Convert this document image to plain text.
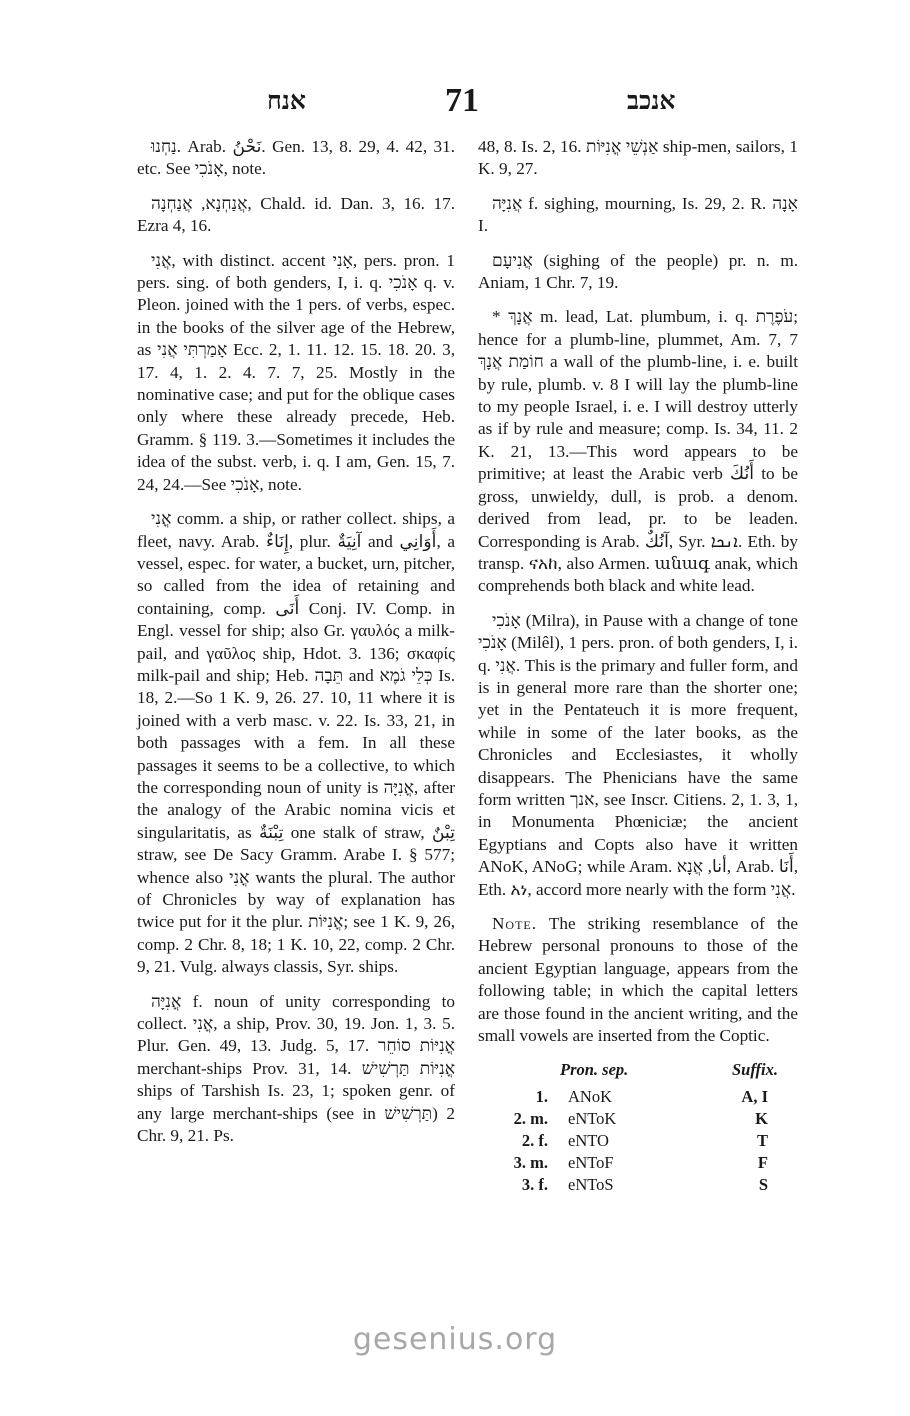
אנח	71	אנכב

נַחְנוּ. Arab. نَحْنُ. Gen. 13, 8. 29, 4. 42, 31. etc. See אָנֹכִי, note.

אֲנַחְנָא, אֲנַחְנָה, Chald. id. Dan. 3, 16. 17. Ezra 4, 16.

אֲנִי, with distinct. accent אָנִי, pers. pron. 1 pers. sing. of both genders, I, i. q. אָנֹכִי q. v. Pleon. joined with the 1 pers. of verbs, espec. in the books of the silver age of the Hebrew, as אָמַרְתִּי אֲנִי Ecc. 2, 1. 11. 12. 15. 18. 20. 3, 17. 4, 1. 2. 4. 7. 7, 25. Mostly in the nominative case; and put for the oblique cases only where these already precede, Heb. Gramm. § 119. 3.—Sometimes it includes the idea of the subst. verb, i. q. I am, Gen. 15, 7. 24, 24.—See אָנֹכִי, note.

אֳנִי comm. a ship, or rather collect. ships, a fleet, navy. Arab. إِنَاءٌ, plur. آنِيَةٌ and أَوَانِي, a vessel, espec. for water, a bucket, urn, pitcher, so called from the idea of retaining and containing, comp. أَنَى Conj. IV. Comp. in Engl. vessel for ship; also Gr. γαυλός a milk-pail, and γαῦλος ship, Hdot. 3. 136; σκαφίς milk-pail and ship; Heb. תֵּבָה and כְּלֵי גֹמֶא Is. 18, 2.—So 1 K. 9, 26. 27. 10, 11 where it is joined with a verb masc. v. 22. Is. 33, 21, in both passages with a fem. In all these passages it seems to be a collective, to which the corresponding noun of unity is אֳנִיָּה, after the analogy of the Arabic nomina vicis et singularitatis, as تِبْنَةٌ one stalk of straw, تِبْنٌ straw, see De Sacy Gramm. Arabe I. § 577; whence also אֳנִי wants the plural. The author of Chronicles by way of explanation has twice put for it the plur. אֳנִיּוֹת; see 1 K. 9, 26, comp. 2 Chr. 8, 18; 1 K. 10, 22, comp. 2 Chr. 9, 21. Vulg. always classis, Syr. ships.

אֳנִיָּה f. noun of unity corresponding to collect. אֳנִי, a ship, Prov. 30, 19. Jon. 1, 3. 5. Plur. Gen. 49, 13. Judg. 5, 17. אֳנִיּוֹת סוֹחֵר merchant-ships Prov. 31, 14. אֳנִיּוֹת תַּרְשִׁישׁ ships of Tarshish Is. 23, 1; spoken genr. of any large merchant-ships (see in תַּרְשִׁישׁ) 2 Chr. 9, 21. Ps.

48, 8. Is. 2, 16. אַנְשֵׁי אֳנִיּוֹת ship-men, sailors, 1 K. 9, 27.

אֲנִיָּה f. sighing, mourning, Is. 29, 2. R. אָנָה I.

אֲנִיעָם (sighing of the people) pr. n. m. Aniam, 1 Chr. 7, 19.

* אֲנָךְ m. lead, Lat. plumbum, i. q. עֹפֶרֶת; hence for a plumb-line, plummet, Am. 7, 7 חוֹמַת אֲנָךְ a wall of the plumb-line, i. e. built by rule, plumb. v. 8 I will lay the plumb-line to my people Israel, i. e. I will destroy utterly as if by rule and measure; comp. Is. 34, 11. 2 K. 21, 13.—This word appears to be primitive; at least the Arabic verb أَنُكَ to be gross, unwieldy, dull, is prob. a denom. derived from lead, pr. to be leaden. Corresponding is Arab. آنُكٌ, Syr. ܐܢܟܐ. Eth. by transp. ናአከ, also Armen. անագ anak, which comprehends both black and white lead.

אָנֹכִי (Milra), in Pause with a change of tone אָנֹכִי (Milêl), 1 pers. pron. of both genders, I, i. q. אֲנִי. This is the primary and fuller form, and is in general more rare than the shorter one; yet in the Pentateuch it is more frequent, while in some of the later books, as the Chronicles and Ecclesiastes, it wholly disappears. The Phenicians have the same form written אנך, see Inscr. Citiens. 2, 1. 3, 1, in Monumenta Phœniciæ; the ancient Egyptians and Copts also have it written ANoK, ANoG; while Aram. أنا, אֲנָא, Arab. أَنَا, Eth. አነ, accord more nearly with the form אֲנִי.

Note. The striking resemblance of the Hebrew personal pronouns to those of the ancient Egyptian language, appears from the following table; in which the capital letters are those found in the ancient writing, and the small vowels are inserted from the Coptic.

	Pron. sep.	Suffix.
1.	ANoK	A, I
2. m.	eNToK	K
2. f.	eNTO	T
3. m.	eNToF	F
3. f.	eNToS	S
gesenius.org
